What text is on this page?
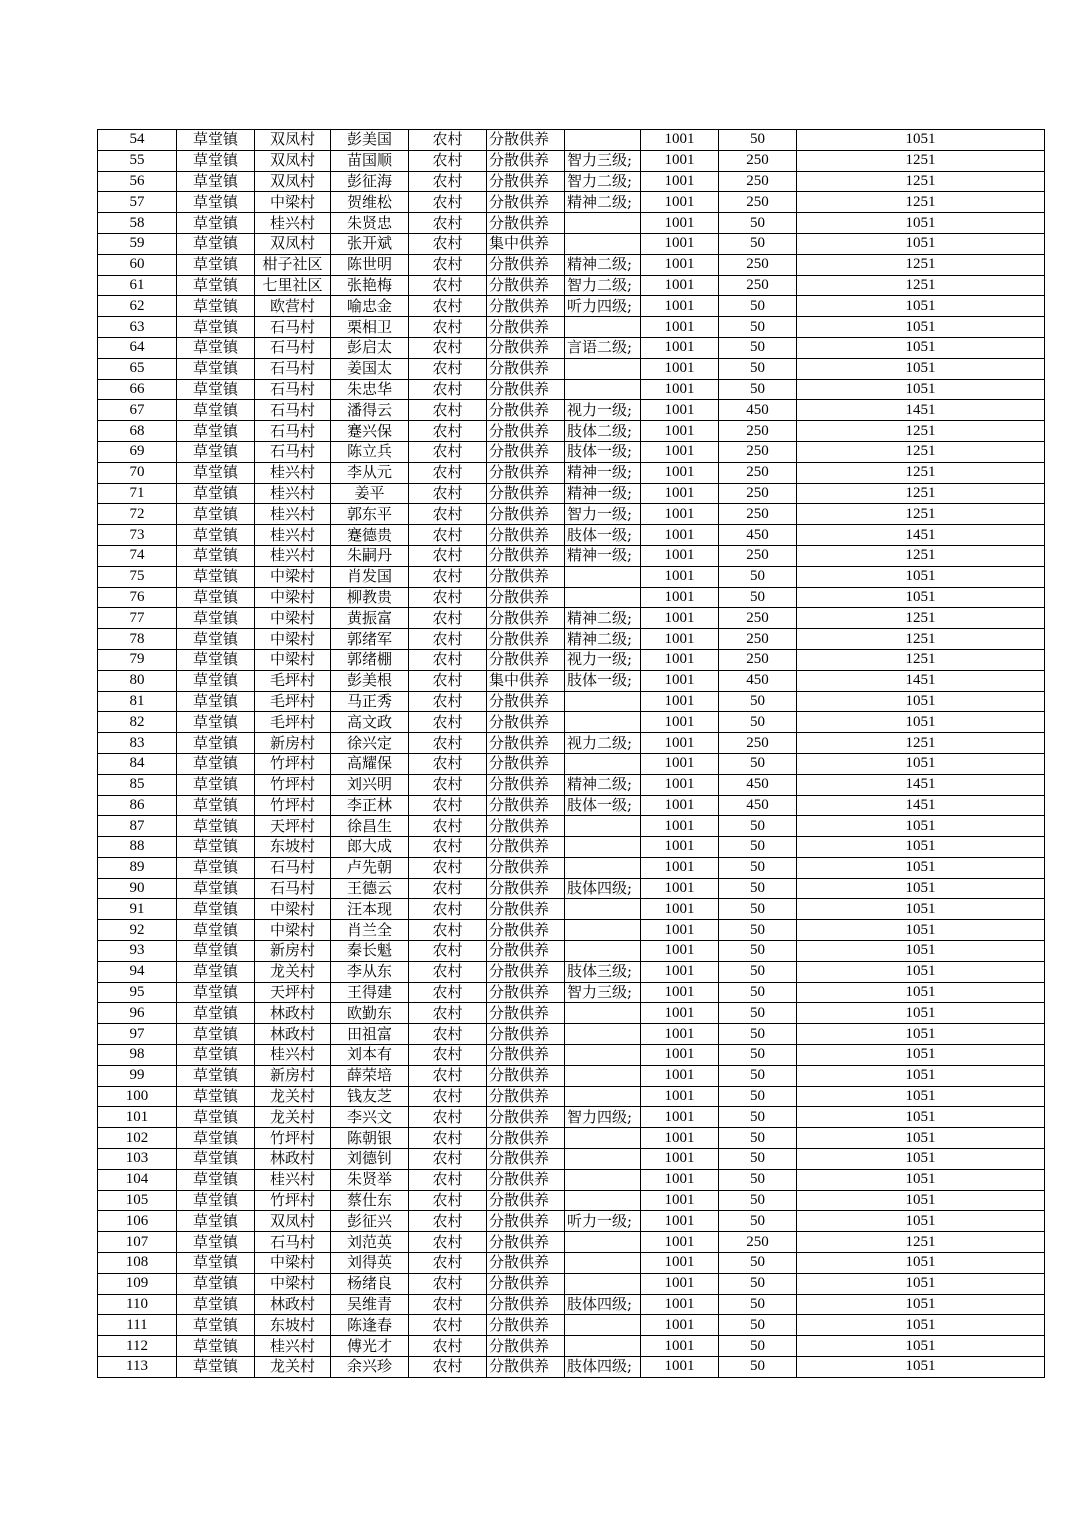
54	草堂镇	双凤村	彭美国	农村	分散供养		1001	50	1051
55	草堂镇	双凤村	苗国顺	农村	分散供养	智力三级;	1001	250	1251
56	草堂镇	双凤村	彭征海	农村	分散供养	智力二级;	1001	250	1251
57	草堂镇	中梁村	贺维松	农村	分散供养	精神二级;	1001	250	1251
58	草堂镇	桂兴村	朱贤忠	农村	分散供养		1001	50	1051
59	草堂镇	双凤村	张开斌	农村	集中供养		1001	50	1051
60	草堂镇	柑子社区	陈世明	农村	分散供养	精神二级;	1001	250	1251
61	草堂镇	七里社区	张艳梅	农村	分散供养	智力二级;	1001	250	1251
62	草堂镇	欧营村	喻忠金	农村	分散供养	听力四级;	1001	50	1051
63	草堂镇	石马村	栗相卫	农村	分散供养		1001	50	1051
64	草堂镇	石马村	彭启太	农村	分散供养	言语二级;	1001	50	1051
65	草堂镇	石马村	姜国太	农村	分散供养		1001	50	1051
66	草堂镇	石马村	朱忠华	农村	分散供养		1001	50	1051
67	草堂镇	石马村	潘得云	农村	分散供养	视力一级;	1001	450	1451
68	草堂镇	石马村	蹇兴保	农村	分散供养	肢体二级;	1001	250	1251
69	草堂镇	石马村	陈立兵	农村	分散供养	肢体一级;	1001	250	1251
70	草堂镇	桂兴村	李从元	农村	分散供养	精神一级;	1001	250	1251
71	草堂镇	桂兴村	姜平	农村	分散供养	精神一级;	1001	250	1251
72	草堂镇	桂兴村	郭东平	农村	分散供养	智力一级;	1001	250	1251
73	草堂镇	桂兴村	蹇德贵	农村	分散供养	肢体一级;	1001	450	1451
74	草堂镇	桂兴村	朱嗣丹	农村	分散供养	精神一级;	1001	250	1251
75	草堂镇	中梁村	肖发国	农村	分散供养		1001	50	1051
76	草堂镇	中梁村	柳教贵	农村	分散供养		1001	50	1051
77	草堂镇	中梁村	黄振富	农村	分散供养	精神二级;	1001	250	1251
78	草堂镇	中梁村	郭绪军	农村	分散供养	精神二级;	1001	250	1251
79	草堂镇	中梁村	郭绪棚	农村	分散供养	视力一级;	1001	250	1251
80	草堂镇	毛坪村	彭美根	农村	集中供养	肢体一级;	1001	450	1451
81	草堂镇	毛坪村	马正秀	农村	分散供养		1001	50	1051
82	草堂镇	毛坪村	高文政	农村	分散供养		1001	50	1051
83	草堂镇	新房村	徐兴定	农村	分散供养	视力二级;	1001	250	1251
84	草堂镇	竹坪村	高耀保	农村	分散供养		1001	50	1051
85	草堂镇	竹坪村	刘兴明	农村	分散供养	精神二级;	1001	450	1451
86	草堂镇	竹坪村	李正林	农村	分散供养	肢体一级;	1001	450	1451
87	草堂镇	天坪村	徐昌生	农村	分散供养		1001	50	1051
88	草堂镇	东坡村	郎大成	农村	分散供养		1001	50	1051
89	草堂镇	石马村	卢先朝	农村	分散供养		1001	50	1051
90	草堂镇	石马村	王德云	农村	分散供养	肢体四级;	1001	50	1051
91	草堂镇	中梁村	汪本现	农村	分散供养		1001	50	1051
92	草堂镇	中梁村	肖兰全	农村	分散供养		1001	50	1051
93	草堂镇	新房村	秦长魁	农村	分散供养		1001	50	1051
94	草堂镇	龙关村	李从东	农村	分散供养	肢体三级;	1001	50	1051
95	草堂镇	天坪村	王得建	农村	分散供养	智力三级;	1001	50	1051
96	草堂镇	林政村	欧勤东	农村	分散供养		1001	50	1051
97	草堂镇	林政村	田祖富	农村	分散供养		1001	50	1051
98	草堂镇	桂兴村	刘本有	农村	分散供养		1001	50	1051
99	草堂镇	新房村	薛荣培	农村	分散供养		1001	50	1051
100	草堂镇	龙关村	钱友芝	农村	分散供养		1001	50	1051
101	草堂镇	龙关村	李兴文	农村	分散供养	智力四级;	1001	50	1051
102	草堂镇	竹坪村	陈朝银	农村	分散供养		1001	50	1051
103	草堂镇	林政村	刘德钊	农村	分散供养		1001	50	1051
104	草堂镇	桂兴村	朱贤举	农村	分散供养		1001	50	1051
105	草堂镇	竹坪村	蔡仕东	农村	分散供养		1001	50	1051
106	草堂镇	双凤村	彭征兴	农村	分散供养	听力一级;	1001	50	1051
107	草堂镇	石马村	刘范英	农村	分散供养		1001	250	1251
108	草堂镇	中梁村	刘得英	农村	分散供养		1001	50	1051
109	草堂镇	中梁村	杨绪良	农村	分散供养		1001	50	1051
110	草堂镇	林政村	吴维青	农村	分散供养	肢体四级;	1001	50	1051
111	草堂镇	东坡村	陈逢春	农村	分散供养		1001	50	1051
112	草堂镇	桂兴村	傅光才	农村	分散供养		1001	50	1051
113	草堂镇	龙关村	余兴珍	农村	分散供养	肢体四级;	1001	50	1051
